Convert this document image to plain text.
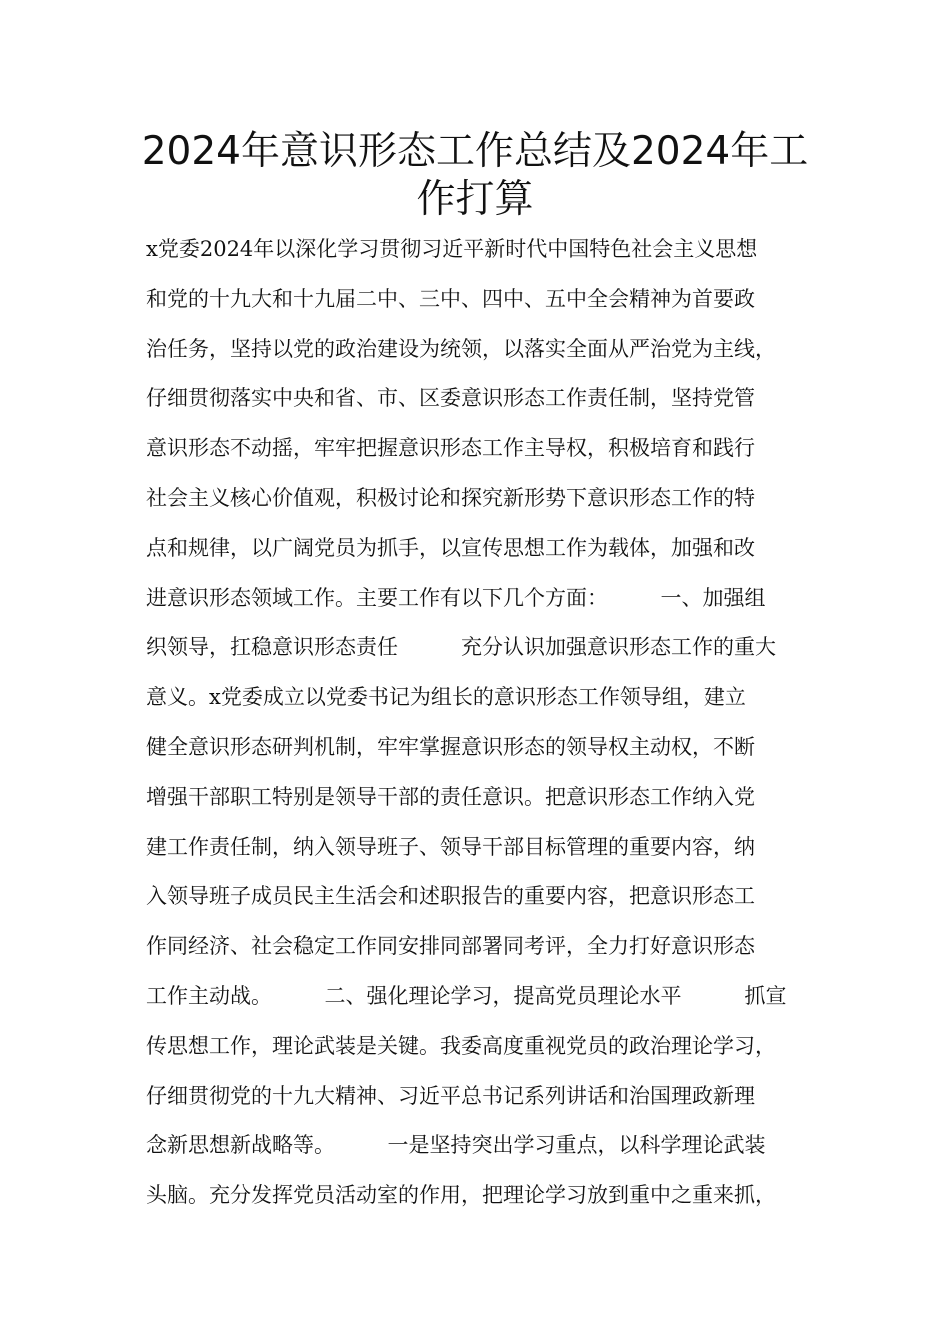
2024年意识形态工作总结及2024年工
作打算
x党委2024年以深化学习贯彻习近平新时代中国特色社会主义思想
和党的十九大和十九届二中、三中、四中、五中全会精神为首要政
治任务，坚持以党的政治建设为统领，以落实全面从严治党为主线，
仔细贯彻落实中央和省、市、区委意识形态工作责任制，坚持党管
意识形态不动摇，牢牢把握意识形态工作主导权，积极培育和践行
社会主义核心价值观，积极讨论和探究新形势下意识形态工作的特
点和规律，以广阔党员为抓手，以宣传思想工作为载体，加强和改
进意识形态领域工作。主要工作有以下几个方面：　　　一、加强组
织领导，扛稳意识形态责任　　　充分认识加强意识形态工作的重大
意义。x党委成立以党委书记为组长的意识形态工作领导组，建立
健全意识形态研判机制，牢牢掌握意识形态的领导权主动权，不断
增强干部职工特别是领导干部的责任意识。把意识形态工作纳入党
建工作责任制，纳入领导班子、领导干部目标管理的重要内容，纳
入领导班子成员民主生活会和述职报告的重要内容，把意识形态工
作同经济、社会稳定工作同安排同部署同考评，全力打好意识形态
工作主动战。　　　二、强化理论学习，提高党员理论水平　　　抓宣
传思想工作，理论武装是关键。我委高度重视党员的政治理论学习，
仔细贯彻党的十九大精神、习近平总书记系列讲话和治国理政新理
念新思想新战略等。　　　一是坚持突出学习重点，以科学理论武装
头脑。充分发挥党员活动室的作用，把理论学习放到重中之重来抓，
